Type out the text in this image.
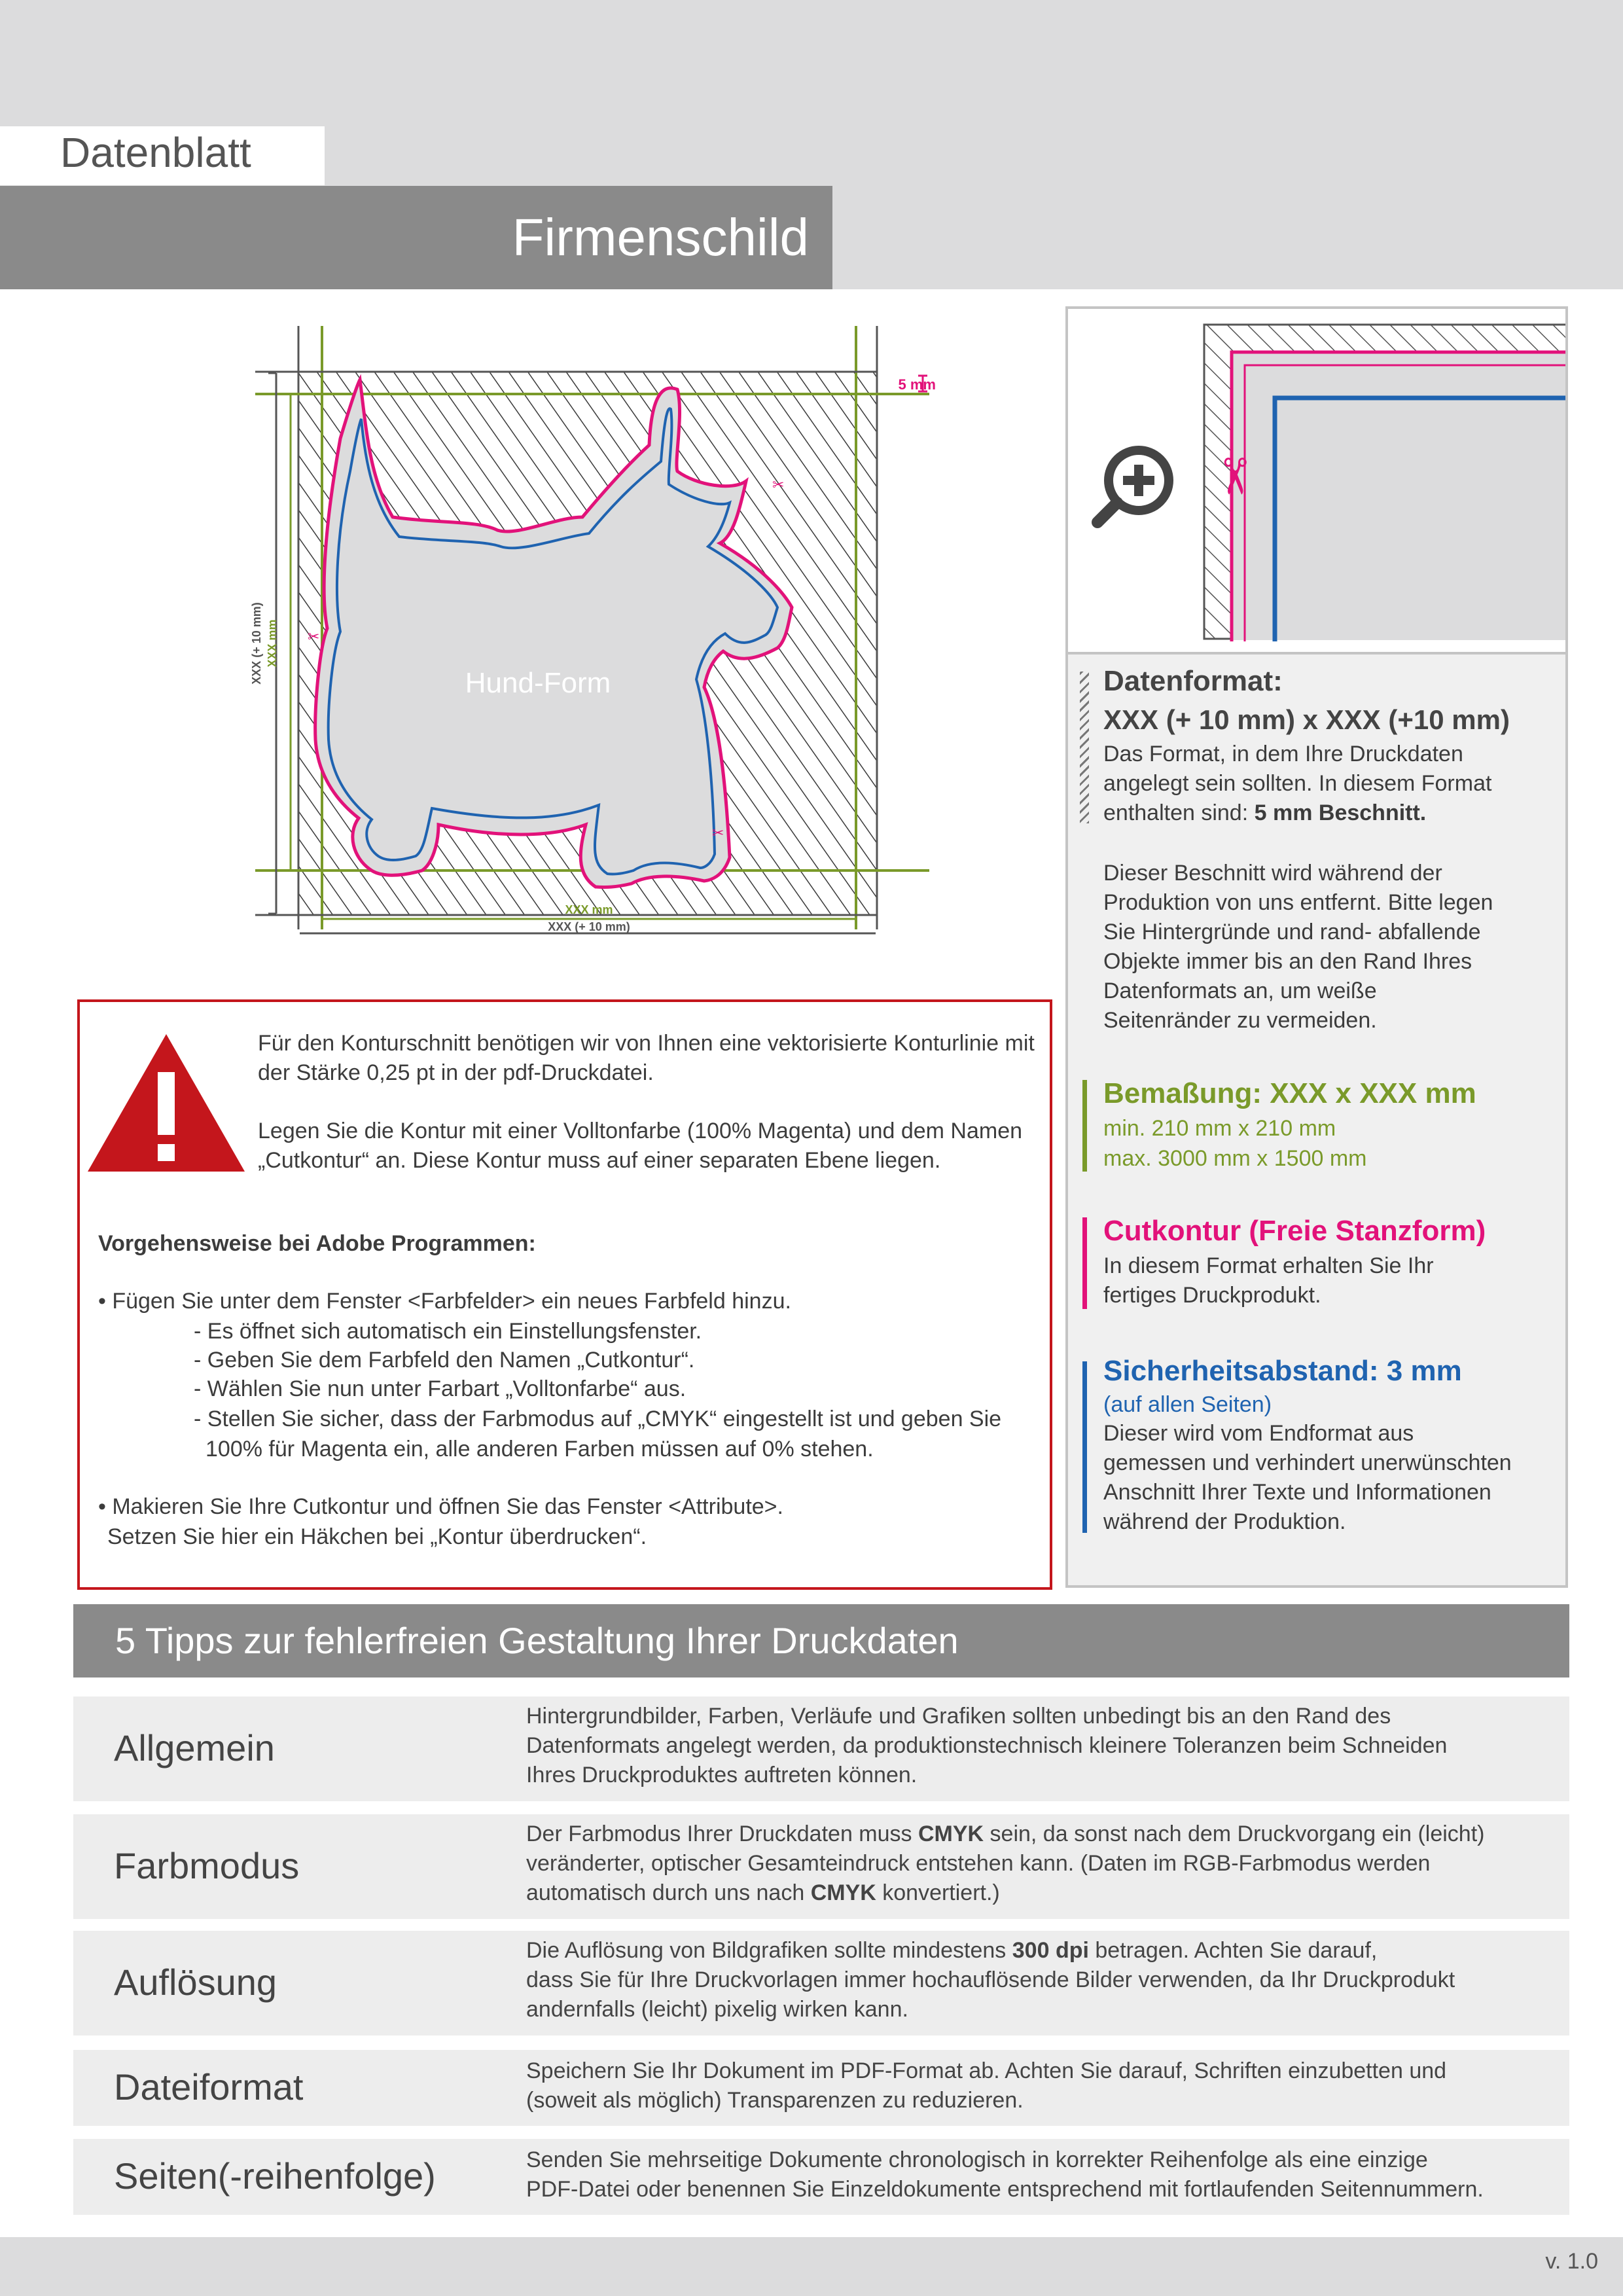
Datenblatt
Firmenschild
Hund-Form
✂
✂
✂
5 mm
XXX mm
XXX (+ 10 mm)
XXX (+ 10 mm) XXX mm
✂
Datenformat:
XXX (+ 10 mm) x XXX (+10 mm)
Das Format, in dem Ihre Druckdaten angelegt sein sollten. In diesem Format enthalten sind: 5 mm Beschnitt.
Dieser Beschnitt wird während der Produktion von uns entfernt. Bitte legen Sie Hintergründe und rand- abfallende Objekte immer bis an den Rand Ihres Datenformats an, um weiße Seitenränder zu vermeiden.
Bemaßung: XXX x XXX mm
min. 210 mm x 210 mm
max. 3000 mm x 1500 mm
Cutkontur (Freie Stanzform)
In diesem Format erhalten Sie Ihr fertiges Druckprodukt.
Sicherheitsabstand: 3 mm
(auf allen Seiten)
Dieser wird vom Endformat aus gemessen und verhindert unerwünschten Anschnitt Ihrer Texte und Informationen während der Produktion.
Für den Konturschnitt benötigen wir von Ihnen eine vektorisierte Konturlinie mit der Stärke 0,25 pt in der pdf-Druckdatei.
Legen Sie die Kontur mit einer Volltonfarbe (100% Magenta) und dem Namen „Cutkontur“ an. Diese Kontur muss auf einer separaten Ebene liegen.
Vorgehensweise bei Adobe Programmen:
• Fügen Sie unter dem Fenster <Farbfelder> ein neues Farbfeld hinzu.
- Es öffnet sich automatisch ein Einstellungsfenster.
- Geben Sie dem Farbfeld den Namen „Cutkontur“.
- Wählen Sie nun unter Farbart „Volltonfarbe“ aus.
- Stellen Sie sicher, dass der Farbmodus auf „CMYK“ eingestellt ist und geben Sie
100% für Magenta ein, alle anderen Farben müssen auf 0% stehen.
• Makieren Sie Ihre Cutkontur und öffnen Sie das Fenster <Attribute>.
Setzen Sie hier ein Häkchen bei „Kontur überdrucken“.
5 Tipps zur fehlerfreien Gestaltung Ihrer Druckdaten
Allgemein
Hintergrundbilder, Farben, Verläufe und Grafiken sollten unbedingt bis an den Rand des
Datenformats angelegt werden, da produktionstechnisch kleinere Toleranzen beim Schneiden
Ihres Druckproduktes auftreten können.
Farbmodus
Der Farbmodus Ihrer Druckdaten muss CMYK sein, da sonst nach dem Druckvorgang ein (leicht)
veränderter, optischer Gesamteindruck entstehen kann. (Daten im RGB-Farbmodus werden
automatisch durch uns nach CMYK konvertiert.)
Auflösung
Die Auflösung von Bildgrafiken sollte mindestens 300 dpi betragen. Achten Sie darauf,
dass Sie für Ihre Druckvorlagen immer hochauflösende Bilder verwenden, da Ihr Druckprodukt
andernfalls (leicht) pixelig wirken kann.
Dateiformat	Speichern Sie Ihr Dokument im PDF-Format ab. Achten Sie darauf, Schriften einzubetten und
(soweit als möglich) Transparenzen zu reduzieren.
Seiten(-reihenfolge)	Senden Sie mehrseitige Dokumente chronologisch in korrekter Reihenfolge als eine einzige
PDF-Datei oder benennen Sie Einzeldokumente entsprechend mit fortlaufenden Seitennummern.
v. 1.0
